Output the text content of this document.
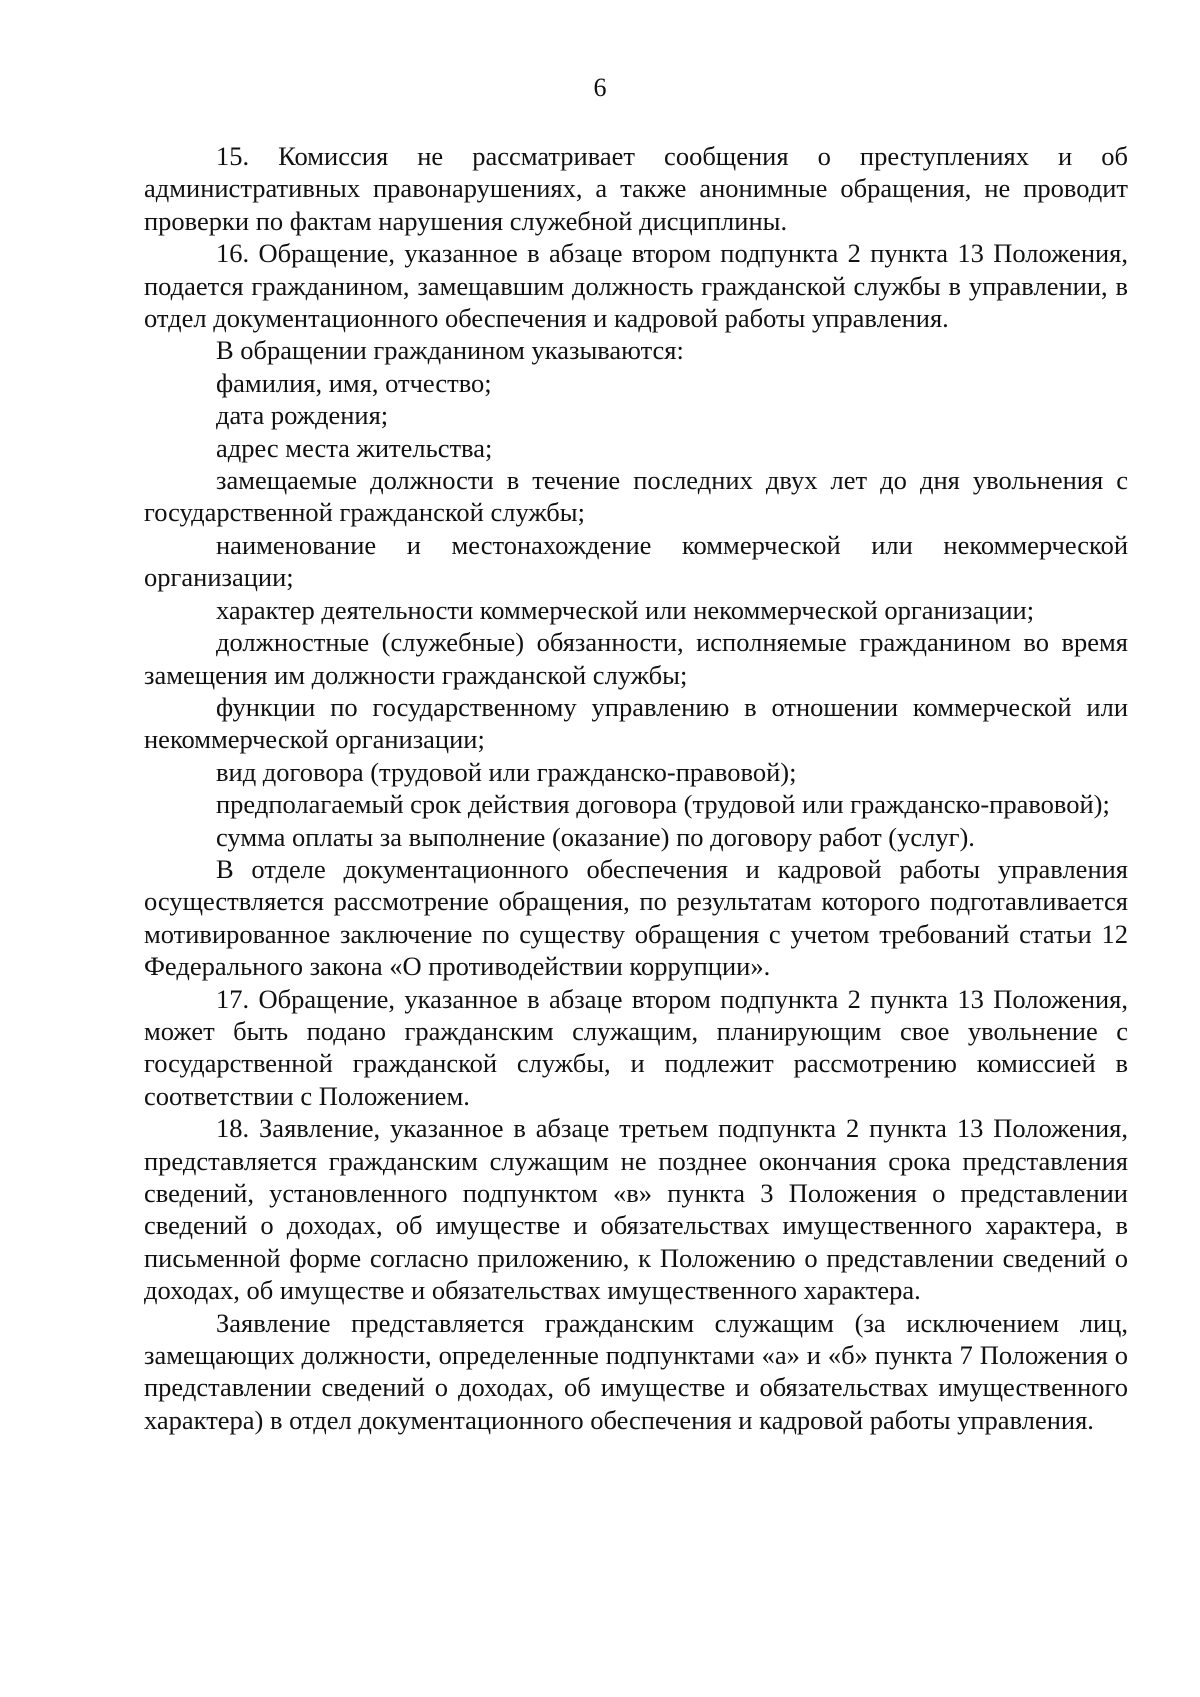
6

15. Комиссия не рассматривает сообщения о преступлениях и об административных правонарушениях, а также анонимные обращения, не проводит проверки по фактам нарушения служебной дисциплины.

16. Обращение, указанное в абзаце втором подпункта 2 пункта 13 Положения, подается гражданином, замещавшим должность гражданской службы в управлении, в отдел документационного обеспечения и кадровой работы управления.

В обращении гражданином указываются:

фамилия, имя, отчество;

дата рождения;

адрес места жительства;

замещаемые должности в течение последних двух лет до дня увольнения с государственной гражданской службы;

наименование и местонахождение коммерческой или некоммерческой организации;

характер деятельности коммерческой или некоммерческой организации;

должностные (служебные) обязанности, исполняемые гражданином во время замещения им должности гражданской службы;

функции по государственному управлению в отношении коммерческой или некоммерческой организации;

вид договора (трудовой или гражданско-правовой);

предполагаемый срок действия договора (трудовой или гражданско-правовой);

сумма оплаты за выполнение (оказание) по договору работ (услуг).

В отделе документационного обеспечения и кадровой работы управления осуществляется рассмотрение обращения, по результатам которого подготавливается мотивированное заключение по существу обращения с учетом требований статьи 12 Федерального закона «О противодействии коррупции».

17. Обращение, указанное в абзаце втором подпункта 2 пункта 13 Положения, может быть подано гражданским служащим, планирующим свое увольнение с государственной гражданской службы, и подлежит рассмотрению комиссией в соответствии с Положением.

18. Заявление, указанное в абзаце третьем подпункта 2 пункта 13 Положения, представляется гражданским служащим не позднее окончания срока представления сведений, установленного подпунктом «в» пункта 3 Положения о представлении сведений о доходах, об имуществе и обязательствах имущественного характера, в письменной форме согласно приложению, к Положению о представлении сведений о доходах, об имуществе и обязательствах имущественного характера.

Заявление представляется гражданским служащим (за исключением лиц, замещающих должности, определенные подпунктами «а» и «б» пункта 7 Положения о представлении сведений о доходах, об имуществе и обязательствах имущественного характера) в отдел документационного обеспечения и кадровой работы управления.
